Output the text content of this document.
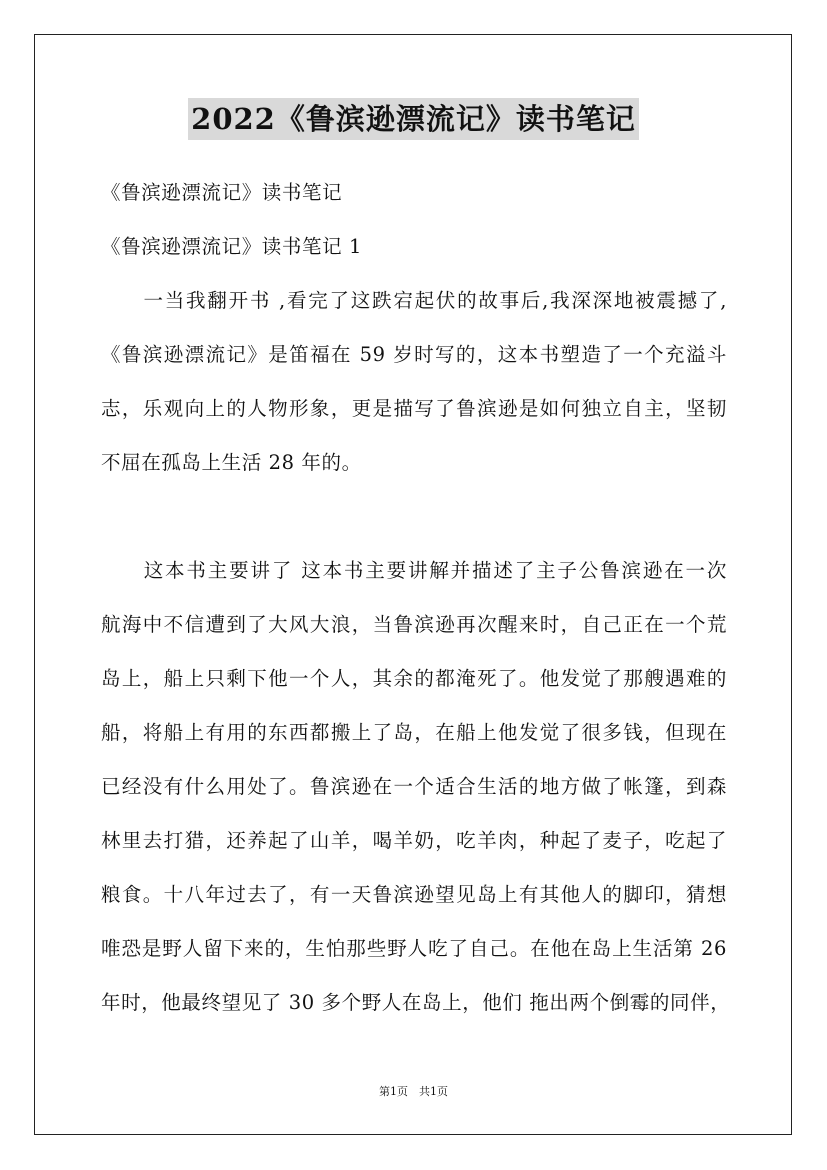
2022《鲁滨逊漂流记》读书笔记
《鲁滨逊漂流记》读书笔记
《鲁滨逊漂流记》读书笔记 1
　　一当我翻开书 ,看完了这跌宕起伏的故事后,我深深地被震撼了,
《鲁滨逊漂流记》是笛福在 59 岁时写的，这本书塑造了一个充溢斗
志，乐观向上的人物形象，更是描写了鲁滨逊是如何独立自主，坚韧
不屈在孤岛上生活 28 年的。
　　这本书主要讲了 这本书主要讲解并描述了主子公鲁滨逊在一次
航海中不信遭到了大风大浪，当鲁滨逊再次醒来时，自己正在一个荒
岛上，船上只剩下他一个人，其余的都淹死了。他发觉了那艘遇难的
船，将船上有用的东西都搬上了岛，在船上他发觉了很多钱，但现在
已经没有什么用处了。鲁滨逊在一个适合生活的地方做了帐篷，到森
林里去打猎，还养起了山羊，喝羊奶，吃羊肉，种起了麦子，吃起了
粮食。十八年过去了，有一天鲁滨逊望见岛上有其他人的脚印，猜想
唯恐是野人留下来的，生怕那些野人吃了自己。在他在岛上生活第 26
年时，他最终望见了 30 多个野人在岛上，他们 拖出两个倒霉的同伴，
第1页　共1页
